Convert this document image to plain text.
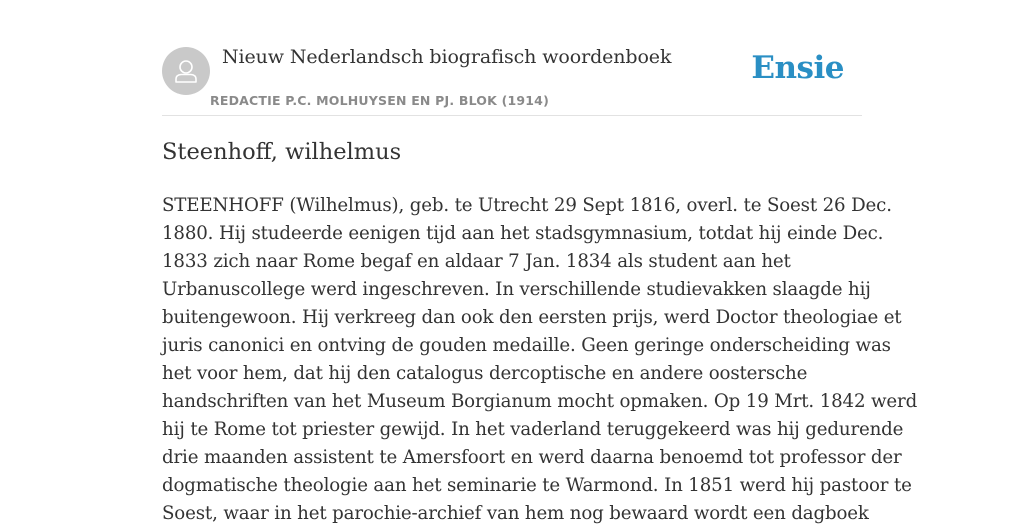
Nieuw Nederlandsch biografisch woordenboek
REDACTIE P.C. MOLHUYSEN EN PJ. BLOK (1914)
Ensie
Steenhoff, wilhelmus
STEENHOFF (Wilhelmus), geb. te Utrecht 29 Sept 1816, overl. te Soest 26 Dec.
1880. Hij studeerde eenigen tijd aan het stadsgymnasium, totdat hij einde Dec.
1833 zich naar Rome begaf en aldaar 7 Jan. 1834 als student aan het
Urbanuscollege werd ingeschreven. In verschillende studievakken slaagde hij
buitengewoon. Hij verkreeg dan ook den eersten prijs, werd Doctor theologiae et
juris canonici en ontving de gouden medaille. Geen geringe onderscheiding was
het voor hem, dat hij den catalogus dercoptische en andere oostersche
handschriften van het Museum Borgianum mocht opmaken. Op 19 Mrt. 1842 werd
hij te Rome tot priester gewijd. In het vaderland teruggekeerd was hij gedurende
drie maanden assistent te Amersfoort en werd daarna benoemd tot professor der
dogmatische theologie aan het seminarie te Warmond. In 1851 werd hij pastoor te
Soest, waar in het parochie-archief van hem nog bewaard wordt een dagboek
